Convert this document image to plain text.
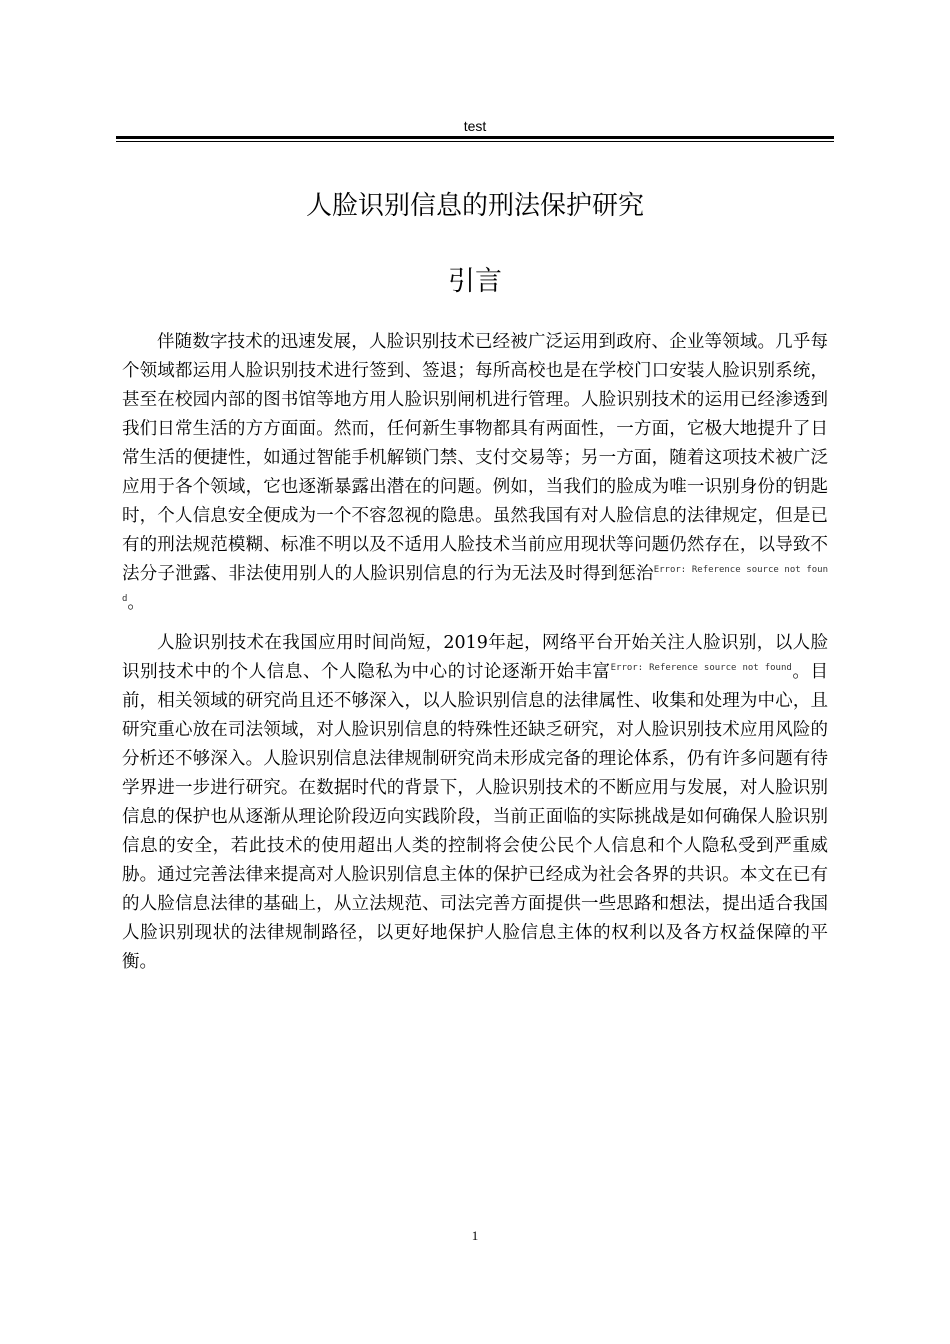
test
人脸识别信息的刑法保护研究
引言

伴随数字技术的迅速发展，人脸识别技术已经被广泛运用到政府、企业等领域。几乎每个领域都运用人脸识别技术进行签到、签退；每所高校也是在学校门口安装人脸识别系统，甚至在校园内部的图书馆等地方用人脸识别闸机进行管理。人脸识别技术的运用已经渗透到我们日常生活的方方面面。然而，任何新生事物都具有两面性，一方面，它极大地提升了日常生活的便捷性，如通过智能手机解锁门禁、支付交易等；另一方面，随着这项技术被广泛应用于各个领域，它也逐渐暴露出潜在的问题。例如，当我们的脸成为唯一识别身份的钥匙时，个人信息安全便成为一个不容忽视的隐患。虽然我国有对人脸信息的法律规定，但是已有的刑法规范模糊、标准不明以及不适用人脸技术当前应用现状等问题仍然存在，以导致不法分子泄露、非法使用别人的人脸识别信息的行为无法及时得到惩治$^{Error: Reference source not found}$。

人脸识别技术在我国应用时间尚短，2019年起，网络平台开始关注人脸识别，以人脸识别技术中的个人信息、个人隐私为中心的讨论逐渐开始丰富$^{Error: Reference source not found}$。目前，相关领域的研究尚且还不够深入，以人脸识别信息的法律属性、收集和处理为中心，且研究重心放在司法领域，对人脸识别信息的特殊性还缺乏研究，对人脸识别技术应用风险的分析还不够深入。人脸识别信息法律规制研究尚未形成完备的理论体系，仍有许多问题有待学界进一步进行研究。在数据时代的背景下，人脸识别技术的不断应用与发展，对人脸识别信息的保护也从逐渐从理论阶段迈向实践阶段，当前正面临的实际挑战是如何确保人脸识别信息的安全，若此技术的使用超出人类的控制将会使公民个人信息和个人隐私受到严重威胁。通过完善法律来提高对人脸识别信息主体的保护已经成为社会各界的共识。本文在已有的人脸信息法律的基础上，从立法规范、司法完善方面提供一些思路和想法，提出适合我国人脸识别现状的法律规制路径，以更好地保护人脸信息主体的权利以及各方权益保障的平衡。

1
